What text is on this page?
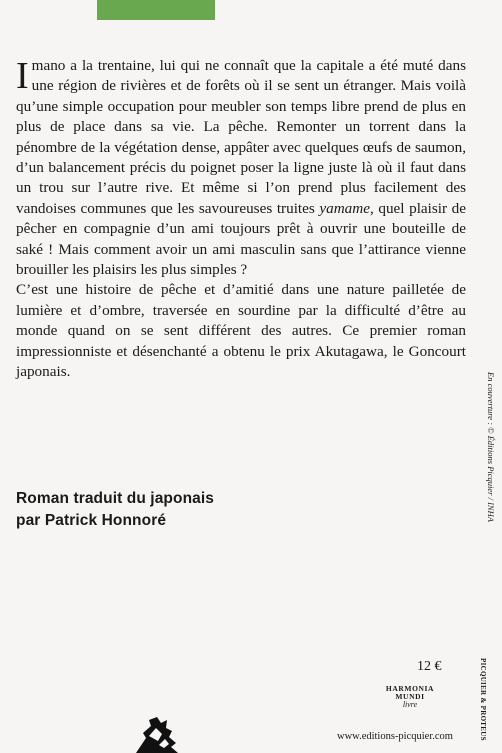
Imano a la trentaine, lui qui ne connaît que la capitale a été muté dans une région de rivières et de forêts où il se sent un étranger. Mais voilà qu’une simple occupation pour meubler son temps libre prend de plus en plus de place dans sa vie. La pêche. Remonter un torrent dans la pénombre de la végétation dense, appâter avec quelques œufs de saumon, d’un balancement précis du poignet poser la ligne juste là où il faut dans un trou sur l’autre rive. Et même si l’on prend plus facilement des vandoises communes que les savoureuses truites yamame, quel plaisir de pêcher en compagnie d’un ami toujours prêt à ouvrir une bouteille de saké ! Mais comment avoir un ami masculin sans que l’attirance vienne brouiller les plaisirs les plus simples ?

C’est une histoire de pêche et d’amitié dans une nature pailletée de lumière et d’ombre, traversée en sourdine par la difficulté d’être au monde quand on se sent différent des autres. Ce premier roman impressionniste et désenchanté a obtenu le prix Akutagawa, le Goncourt japonais.

Roman traduit du japonais
par Patrick Honnoré	En couverture : © Éditions Picquier / INHA
12 €
HARMONIA MUNDI
livre	PICQUIER & PROTEUS
www.editions-picquier.com
